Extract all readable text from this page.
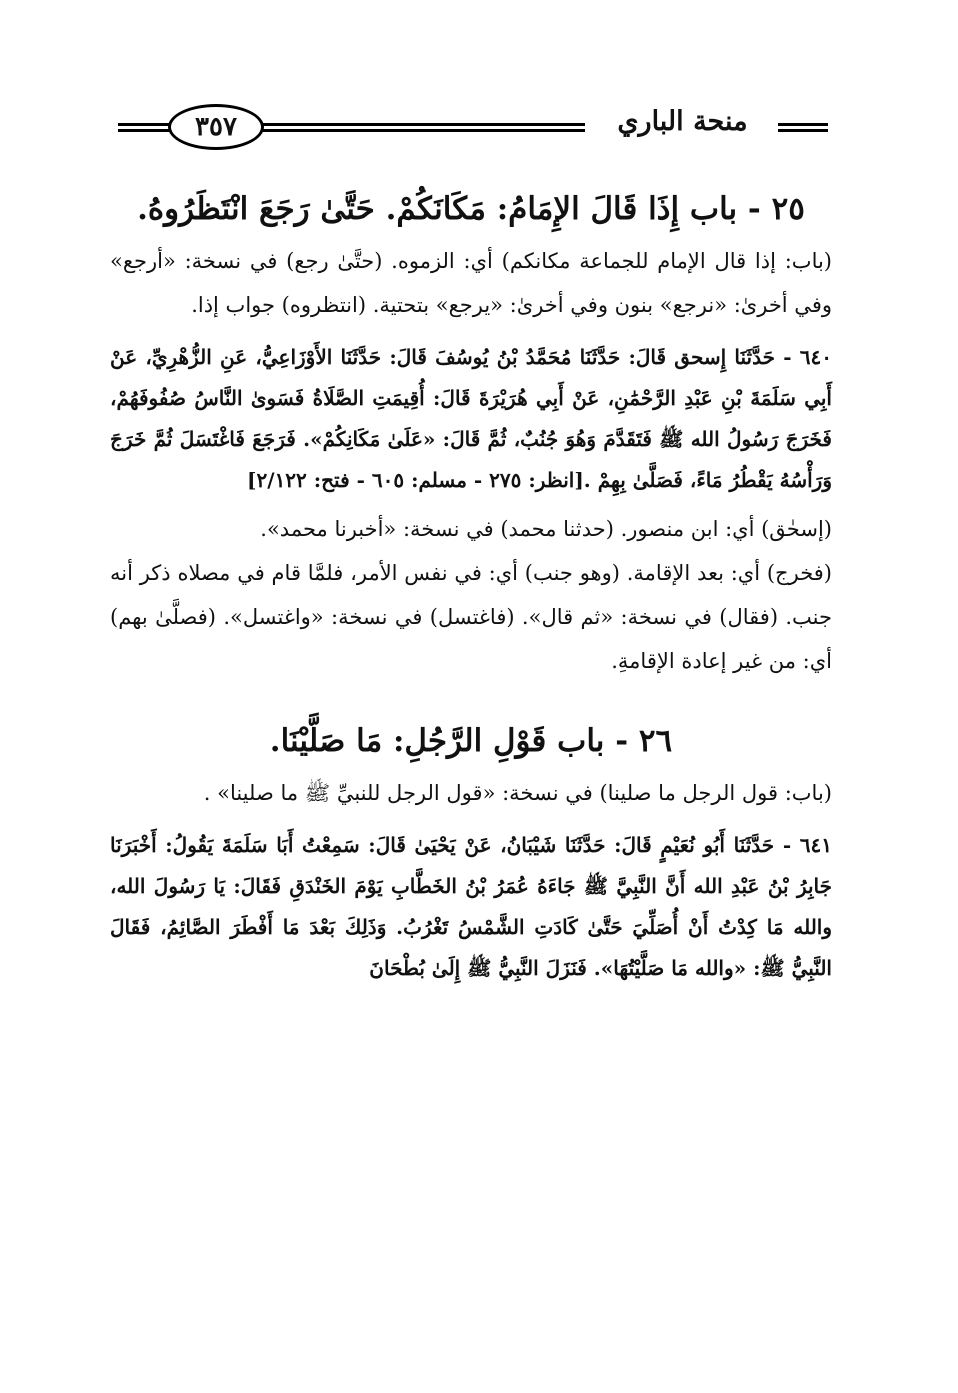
٣٥٧	منحة الباري
٢٥ - باب إِذَا قَالَ الإِمَامُ: مَكَانَكُمْ. حَتَّىٰ رَجَعَ انْتَظَرُوهُ.

(باب: إذا قال الإمام للجماعة مكانكم) أي: الزموه. (حتَّىٰ رجع) في نسخة: «أرجع» وفي أخرىٰ: «نرجع» بنون وفي أخرىٰ: «يرجع» بتحتية. (انتظروه) جواب إذا.

٦٤٠ - حَدَّثَنَا إِسحق قَالَ: حَدَّثَنَا مُحَمَّدُ بْنُ يُوسُفَ قَالَ: حَدَّثَنَا الأَوْزَاعِيُّ، عَنِ الزُّهْرِيِّ، عَنْ أَبِي سَلَمَةَ بْنِ عَبْدِ الرَّحْمَٰنِ، عَنْ أَبِي هُرَيْرَةَ قَالَ: أُقِيمَتِ الصَّلَاةُ فَسَوىٰ النَّاسُ صُفُوفَهُمْ، فَخَرَجَ رَسُولُ الله ﷺ فَتَقَدَّمَ وَهُوَ جُنُبٌ، ثُمَّ قَالَ: «عَلَىٰ مَكَانِكُمْ». فَرَجَعَ فَاغْتَسَلَ ثُمَّ خَرَجَ وَرَأْسُهُ يَقْطُرُ مَاءً، فَصَلَّىٰ بِهِمْ .[انظر: ٢٧٥ - مسلم: ٦٠٥ - فتح: ٢/١٢٢]

(إسحٰق) أي: ابن منصور. (حدثنا محمد) في نسخة: «أخبرنا محمد».

(فخرج) أي: بعد الإقامة. (وهو جنب) أي: في نفس الأمر، فلمَّا قام في مصلاه ذكر أنه جنب. (فقال) في نسخة: «ثم قال». (فاغتسل) في نسخة: «واغتسل». (فصلَّىٰ بهم) أي: من غير إعادة الإقامةِ.

٢٦ - باب قَوْلِ الرَّجُلِ: مَا صَلَّيْنَا.

(باب: قول الرجل ما صلينا) في نسخة: «قول الرجل للنبيِّ ﷺ ما صلينا» .

٦٤١ - حَدَّثَنَا أَبُو نُعَيْمٍ قَالَ: حَدَّثَنَا شَيْبَانُ، عَنْ يَحْيَىٰ قَالَ: سَمِعْتُ أَبَا سَلَمَةَ يَقُولُ: أَخْبَرَنَا جَابِرُ بْنُ عَبْدِ الله أَنَّ النَّبِيَّ ﷺ جَاءَهُ عُمَرُ بْنُ الخَطَّابِ يَوْمَ الخَنْدَقِ فَقَالَ: يَا رَسُولَ الله، والله مَا كِدْتُ أَنْ أُصَلِّيَ حَتَّىٰ كَادَتِ الشَّمْسُ تَغْرُبُ. وَذَلِكَ بَعْدَ مَا أَفْطَرَ الصَّائِمُ، فَقَالَ النَّبِيُّ ﷺ: «والله مَا صَلَّيْتُهَا». فَنَزَلَ النَّبِيُّ ﷺ إِلَىٰ بُطْحَانَ
